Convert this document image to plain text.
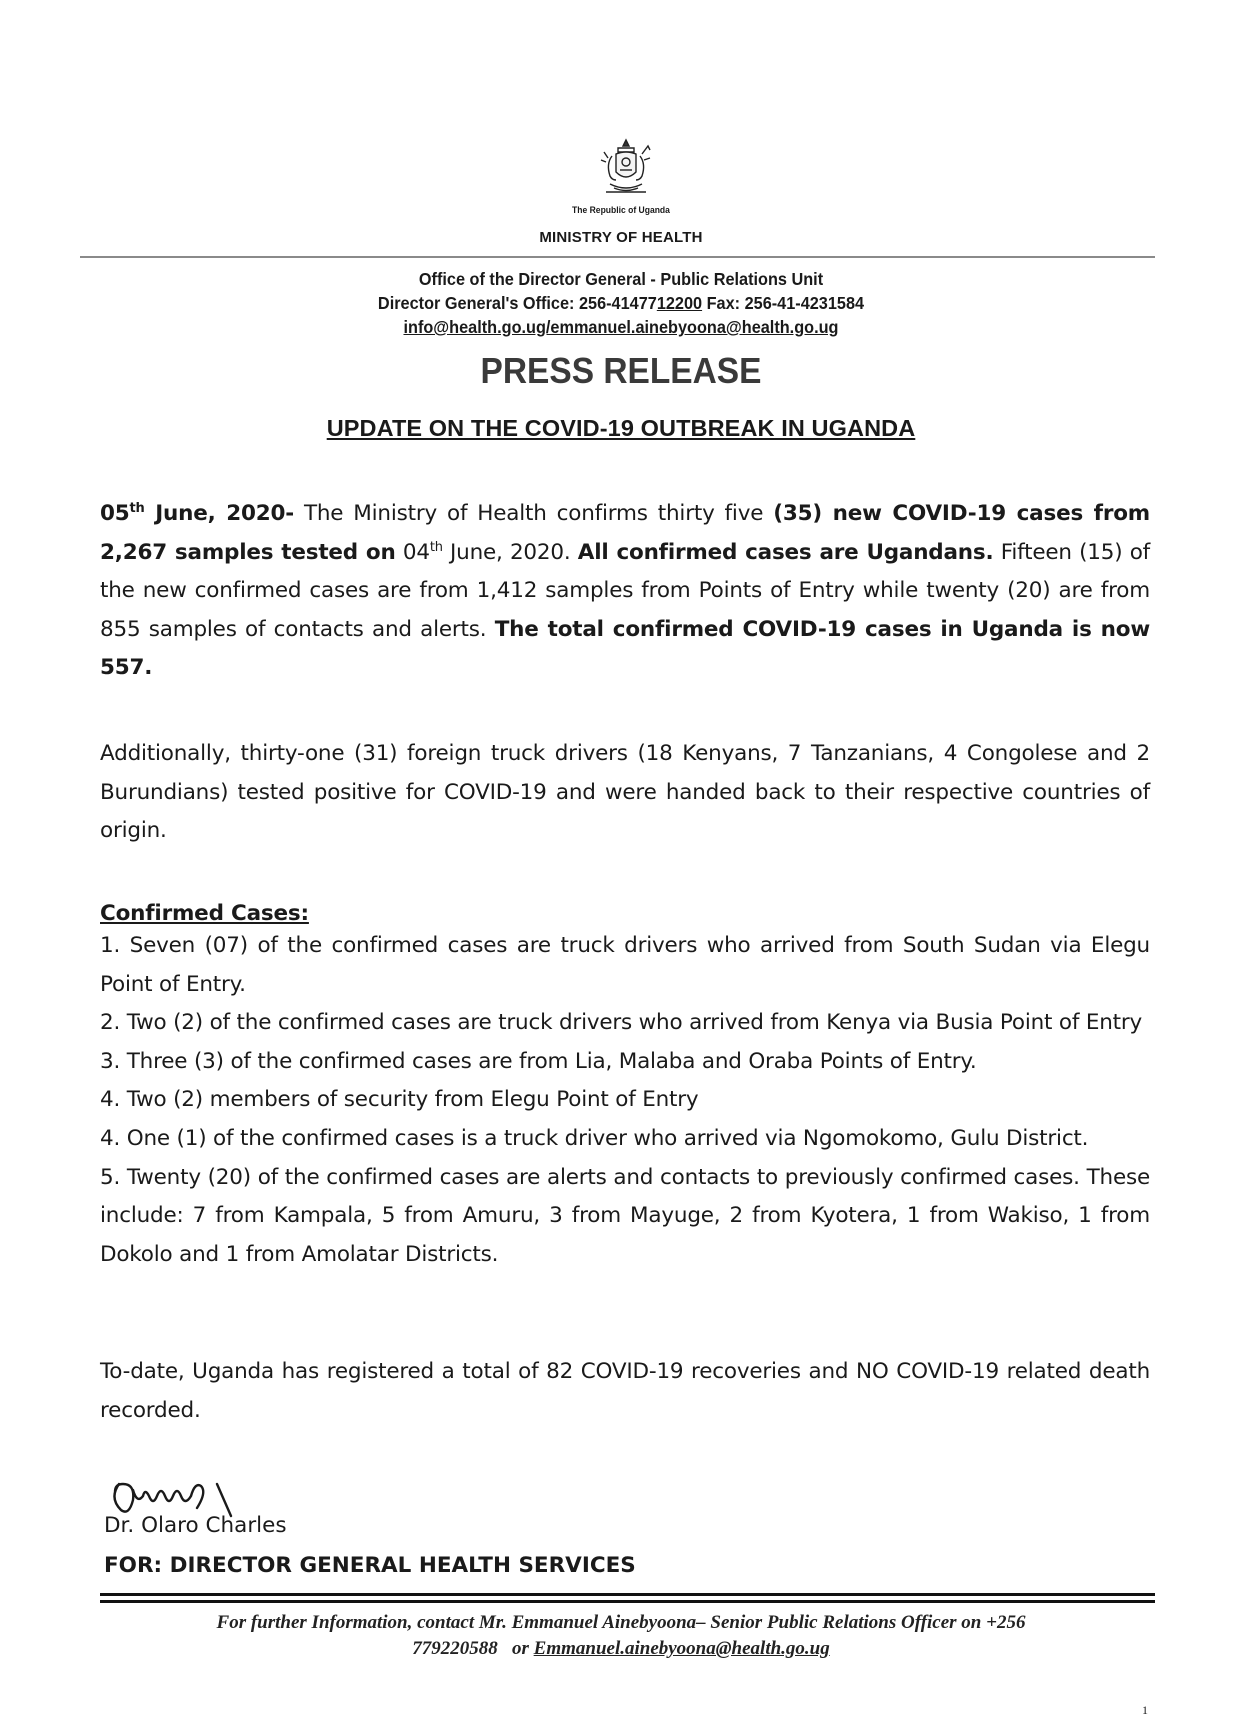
The Republic of Uganda
MINISTRY OF HEALTH
Office of the Director General - Public Relations Unit
Director General's Office: 256-4147712200 Fax: 256-41-4231584
info@health.go.ug/emmanuel.ainebyoona@health.go.ug
PRESS RELEASE
UPDATE ON THE COVID-19 OUTBREAK IN UGANDA
05th June, 2020- The Ministry of Health confirms thirty five (35) new COVID-19 cases from 2,267 samples tested on 04th June, 2020. All confirmed cases are Ugandans. Fifteen (15) of the new confirmed cases are from 1,412 samples from Points of Entry while twenty (20) are from 855 samples of contacts and alerts. The total confirmed COVID-19 cases in Uganda is now 557.
Additionally, thirty-one (31) foreign truck drivers (18 Kenyans, 7 Tanzanians, 4 Congolese and 2 Burundians) tested positive for COVID-19 and were handed back to their respective countries of origin.
Confirmed Cases:
1. Seven (07) of the confirmed cases are truck drivers who arrived from South Sudan via Elegu Point of Entry.
2. Two (2) of the confirmed cases are truck drivers who arrived from Kenya via Busia Point of Entry
3. Three (3) of the confirmed cases are from Lia, Malaba and Oraba Points of Entry.
4. Two (2) members of security from Elegu Point of Entry
4. One (1) of the confirmed cases is a truck driver who arrived via Ngomokomo, Gulu District.
5. Twenty (20) of the confirmed cases are alerts and contacts to previously confirmed cases. These include: 7 from Kampala, 5 from Amuru, 3 from Mayuge, 2 from Kyotera, 1 from Wakiso, 1 from Dokolo and 1 from Amolatar Districts.
To-date, Uganda has registered a total of 82 COVID-19 recoveries and NO COVID-19 related death recorded.
Dr. Olaro Charles
FOR: DIRECTOR GENERAL HEALTH SERVICES
For further Information, contact Mr. Emmanuel Ainebyoona– Senior Public Relations Officer on +256
779220588   or Emmanuel.ainebyoona@health.go.ug
1
